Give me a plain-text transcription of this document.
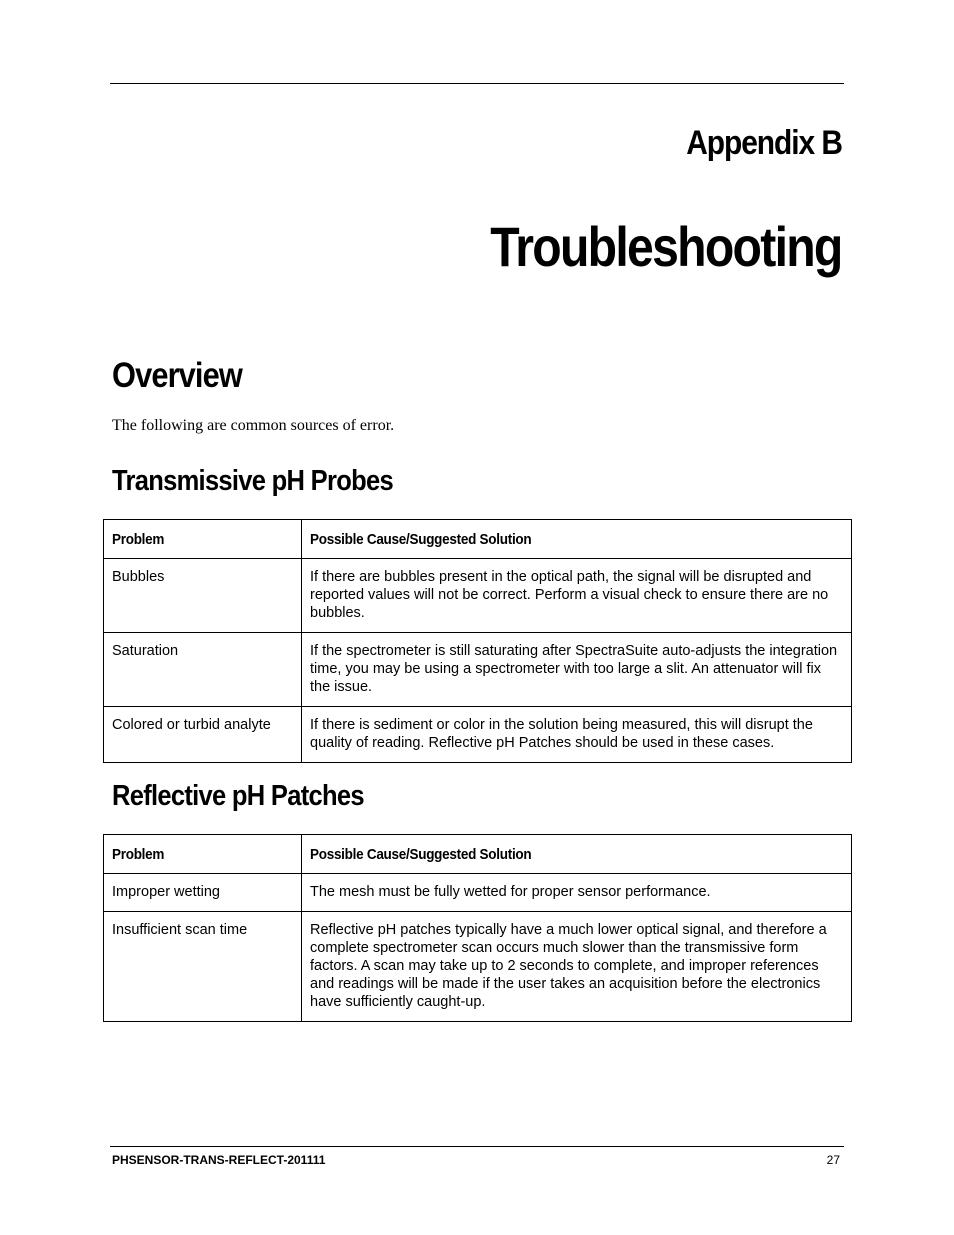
Appendix B
Troubleshooting
Overview
The following are common sources of error.
Transmissive pH Probes
Problem	Possible Cause/Suggested Solution
Bubbles	If there are bubbles present in the optical path, the signal will be disrupted and reported values will not be correct. Perform a visual check to ensure there are no bubbles.
Saturation	If the spectrometer is still saturating after SpectraSuite auto-adjusts the integration time, you may be using a spectrometer with too large a slit. An attenuator will fix the issue.
Colored or turbid analyte	If there is sediment or color in the solution being measured, this will disrupt the quality of reading. Reflective pH Patches should be used in these cases.
Reflective pH Patches
Problem	Possible Cause/Suggested Solution
Improper wetting	The mesh must be fully wetted for proper sensor performance.
Insufficient scan time	Reflective pH patches typically have a much lower optical signal, and therefore a complete spectrometer scan occurs much slower than the transmissive form factors. A scan may take up to 2 seconds to complete, and improper references and readings will be made if the user takes an acquisition before the electronics have sufficiently caught-up.
PHSENSOR-TRANS-REFLECT-201111	27
